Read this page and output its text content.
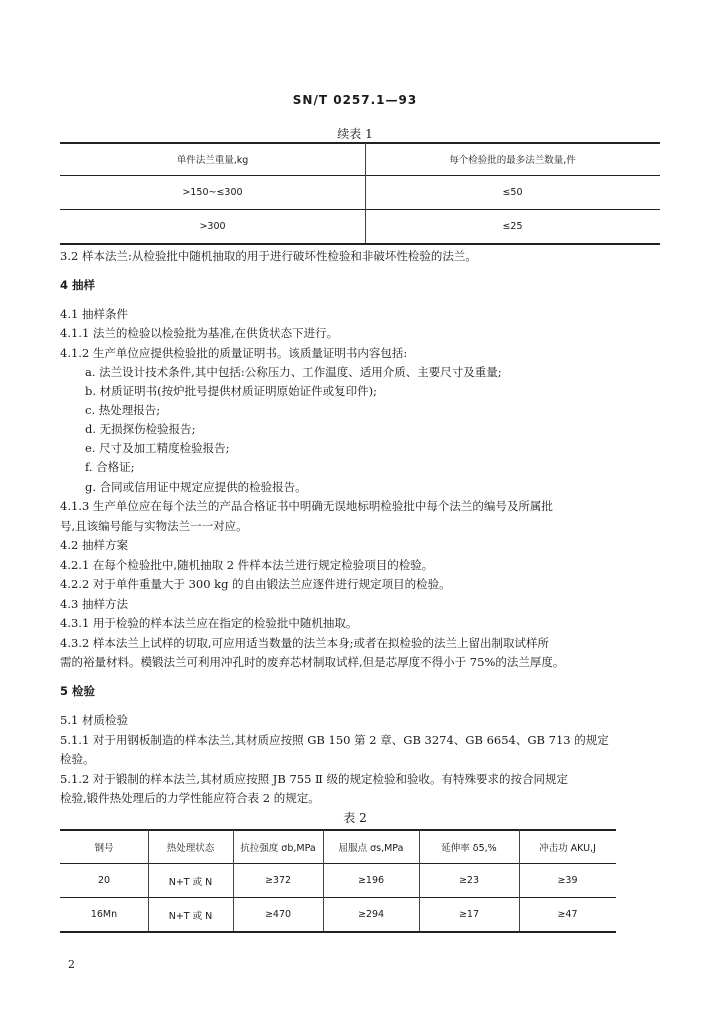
SN/T 0257.1—93
续表 1
单件法兰重量,kg	每个检验批的最多法兰数量,件
>150~≤300	≤50
>300	≤25
3.2 样本法兰:从检验批中随机抽取的用于进行破坏性检验和非破坏性检验的法兰。
4 抽样
4.1 抽样条件
4.1.1 法兰的检验以检验批为基准,在供货状态下进行。
4.1.2 生产单位应提供检验批的质量证明书。该质量证明书内容包括:
a. 法兰设计技术条件,其中包括:公称压力、工作温度、适用介质、主要尺寸及重量;
b. 材质证明书(按炉批号提供材质证明原始证件或复印件);
c. 热处理报告;
d. 无损探伤检验报告;
e. 尺寸及加工精度检验报告;
f. 合格证;
g. 合同或信用证中规定应提供的检验报告。
4.1.3 生产单位应在每个法兰的产品合格证书中明确无误地标明检验批中每个法兰的编号及所属批
号,且该编号能与实物法兰一一对应。
4.2 抽样方案
4.2.1 在每个检验批中,随机抽取 2 件样本法兰进行规定检验项目的检验。
4.2.2 对于单件重量大于 300 kg 的自由锻法兰应逐件进行规定项目的检验。
4.3 抽样方法
4.3.1 用于检验的样本法兰应在指定的检验批中随机抽取。
4.3.2 样本法兰上试样的切取,可应用适当数量的法兰本身;或者在拟检验的法兰上留出制取试样所
需的裕量材料。模锻法兰可利用冲孔时的废弃芯材制取试样,但是芯厚度不得小于 75%的法兰厚度。
5 检验
5.1 材质检验
5.1.1 对于用钢板制造的样本法兰,其材质应按照 GB 150 第 2 章、GB 3274、GB 6654、GB 713 的规定
检验。
5.1.2 对于锻制的样本法兰,其材质应按照 JB 755 Ⅱ 级的规定检验和验收。有特殊要求的按合同规定
检验,锻件热处理后的力学性能应符合表 2 的规定。
表 2
钢号	热处理状态	抗拉强度 σb,MPa	屈服点 σs,MPa	延伸率 δ5,%	冲击功 AKU,J
20	N+T 或 N	≥372	≥196	≥23	≥39
16Mn	N+T 或 N	≥470	≥294	≥17	≥47
2
